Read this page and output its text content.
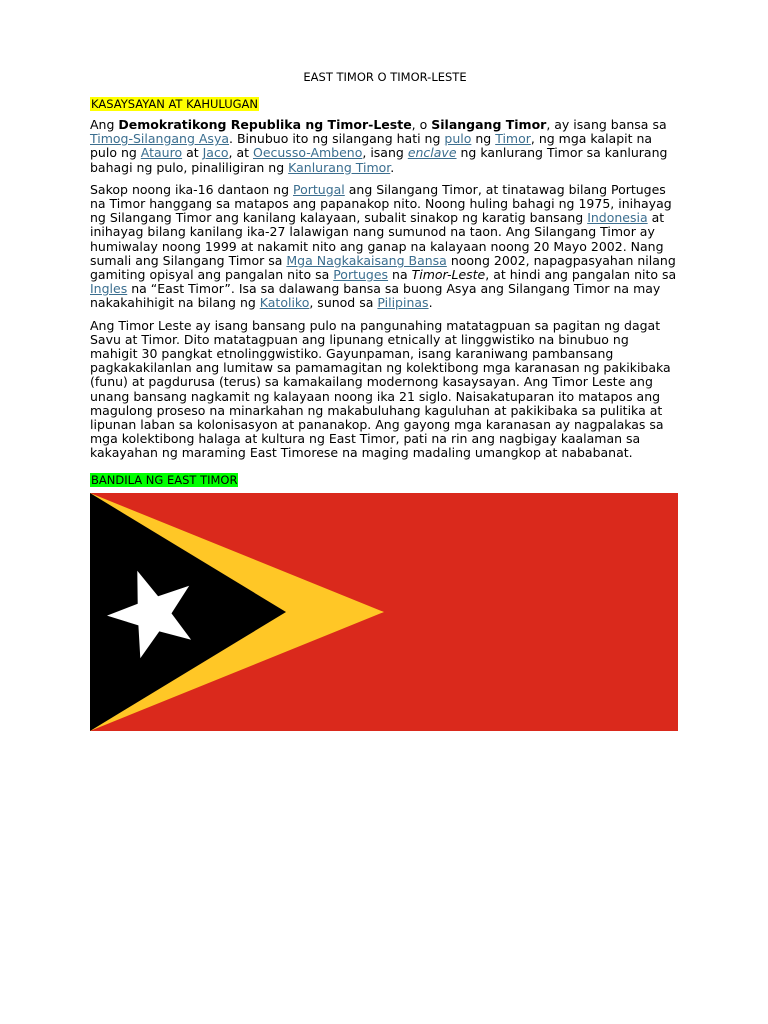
EAST TIMOR O TIMOR-LESTE
KASAYSAYAN AT KAHULUGAN

Ang Demokratikong Republika ng Timor-Leste, o Silangang Timor, ay isang bansa sa Timog-Silangang Asya. Binubuo ito ng silangang hati ng pulo ng Timor, ng mga kalapit na pulo ng Atauro at Jaco, at Oecusso-Ambeno, isang enclave ng kanlurang Timor sa kanlurang bahagi ng pulo, pinaliligiran ng Kanlurang Timor.

Sakop noong ika-16 dantaon ng Portugal ang Silangang Timor, at tinatawag bilang Portuges na Timor hanggang sa matapos ang papanakop nito. Noong huling bahagi ng 1975, inihayag ng Silangang Timor ang kanilang kalayaan, subalit sinakop ng karatig bansang Indonesia at inihayag bilang kanilang ika-27 lalawigan nang sumunod na taon. Ang Silangang Timor ay humiwalay noong 1999 at nakamit nito ang ganap na kalayaan noong 20 Mayo 2002. Nang sumali ang Silangang Timor sa Mga Nagkakaisang Bansa noong 2002, napagpasyahan nilang gamiting opisyal ang pangalan nito sa Portuges na Timor-Leste, at hindi ang pangalan nito sa Ingles na “East Timor”. Isa sa dalawang bansa sa buong Asya ang Silangang Timor na may nakakahihigit na bilang ng Katoliko, sunod sa Pilipinas.

Ang Timor Leste ay isang bansang pulo na pangunahing matatagpuan sa pagitan ng dagat Savu at Timor. Dito matatagpuan ang lipunang etnically at linggwistiko na binubuo ng mahigit 30 pangkat etnolinggwistiko. Gayunpaman, isang karaniwang pambansang pagkakakilanlan ang lumitaw sa pamamagitan ng kolektibong mga karanasan ng pakikibaka (funu) at pagdurusa (terus) sa kamakailang modernong kasaysayan. Ang Timor Leste ang unang bansang nagkamit ng kalayaan noong ika 21 siglo. Naisakatuparan ito matapos ang magulong proseso na minarkahan ng makabuluhang kaguluhan at pakikibaka sa pulitika at lipunan laban sa kolonisasyon at pananakop. Ang gayong mga karanasan ay nagpalakas sa mga kolektibong halaga at kultura ng East Timor, pati na rin ang nagbigay kaalaman sa kakayahan ng maraming East Timorese na maging madaling umangkop at nababanat.

BANDILA NG EAST TIMOR
